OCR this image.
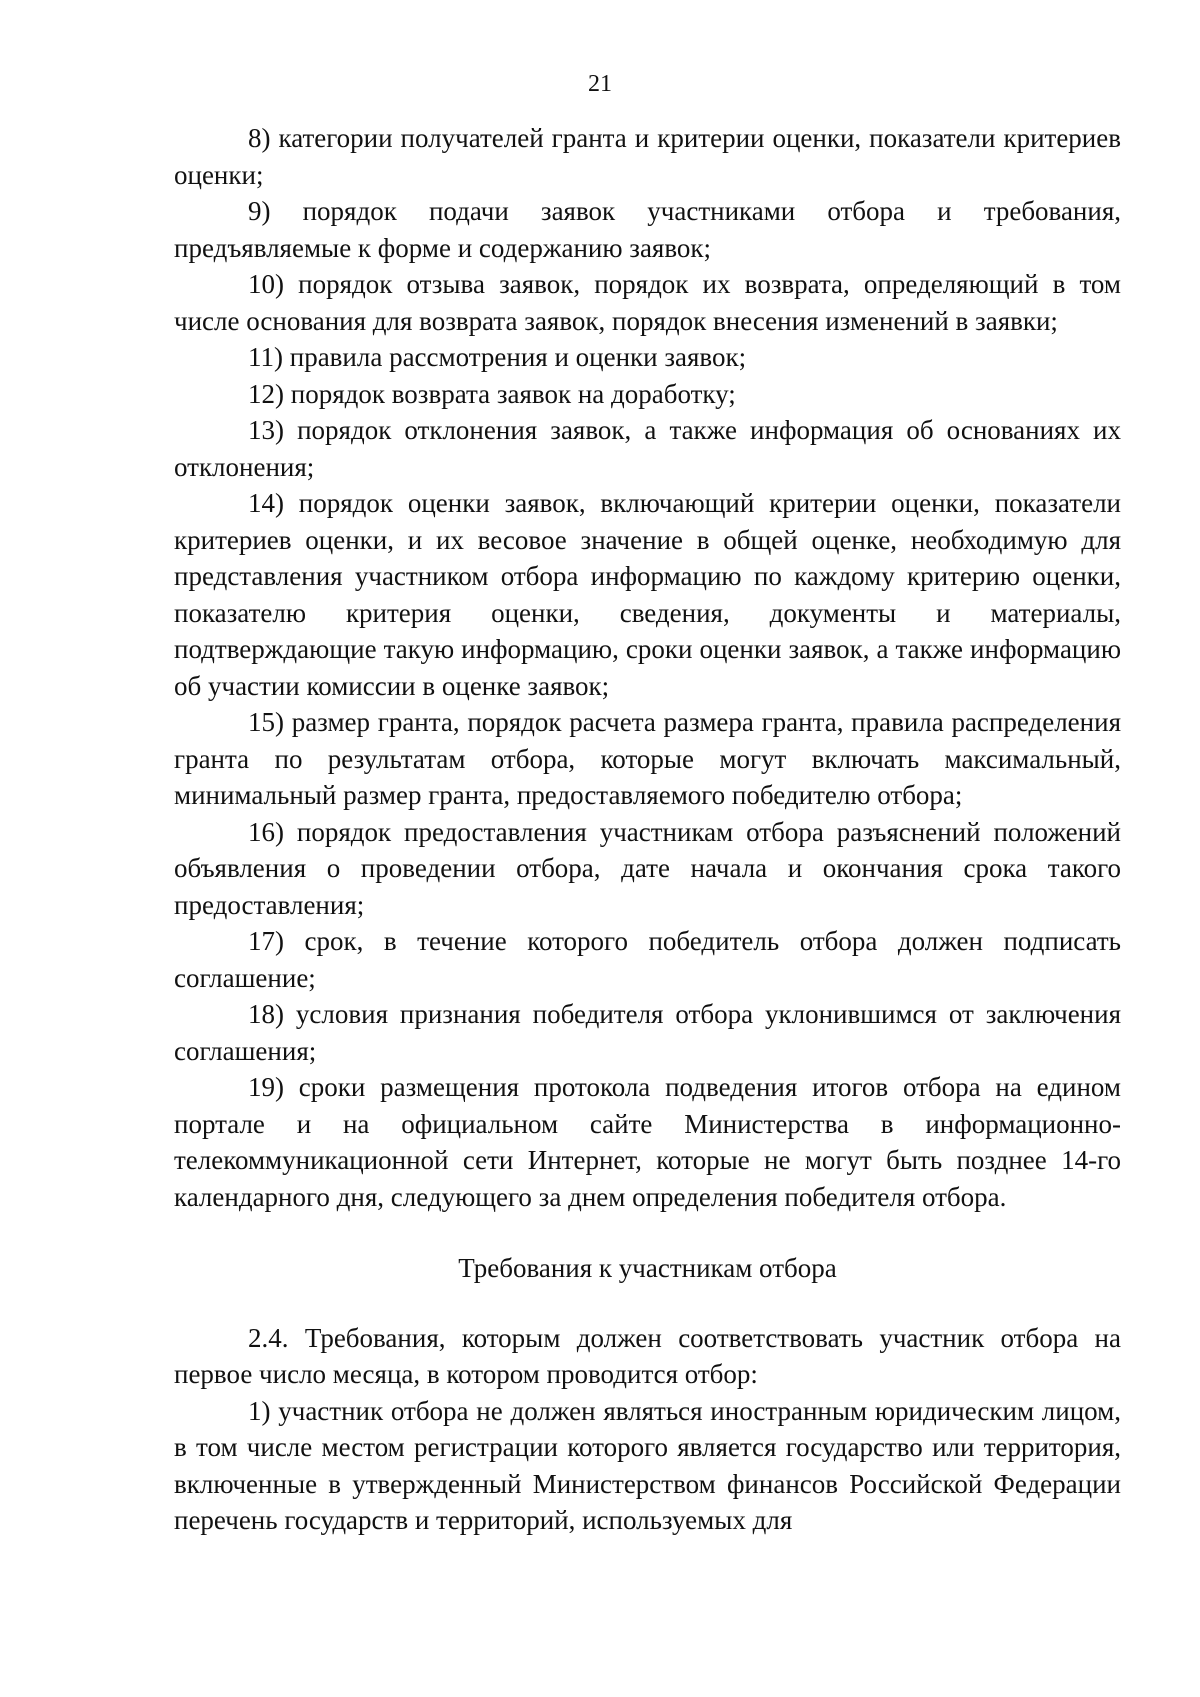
21

8) категории получателей гранта и критерии оценки, показатели критериев оценки;

9) порядок подачи заявок участниками отбора и требования, предъявляемые к форме и содержанию заявок;

10) порядок отзыва заявок, порядок их возврата, определяющий в том числе основания для возврата заявок, порядок внесения изменений в заявки;

11) правила рассмотрения и оценки заявок;

12) порядок возврата заявок на доработку;

13) порядок отклонения заявок, а также информация об основаниях их отклонения;

14) порядок оценки заявок, включающий критерии оценки, показатели критериев оценки, и их весовое значение в общей оценке, необходимую для представления участником отбора информацию по каждому критерию оценки, показателю критерия оценки, сведения, документы и материалы, подтверждающие такую информацию, сроки оценки заявок, а также информацию об участии комиссии в оценке заявок;

15) размер гранта, порядок расчета размера гранта, правила распределения гранта по результатам отбора, которые могут включать максимальный, минимальный размер гранта, предоставляемого победителю отбора;

16) порядок предоставления участникам отбора разъяснений положений объявления о проведении отбора, дате начала и окончания срока такого предоставления;

17) срок, в течение которого победитель отбора должен подписать соглашение;

18) условия признания победителя отбора уклонившимся от заключения соглашения;

19) сроки размещения протокола подведения итогов отбора на едином портале и на официальном сайте Министерства в информационно-телекоммуникационной сети Интернет, которые не могут быть позднее 14-го календарного дня, следующего за днем определения победителя отбора.

Требования к участникам отбора

2.4. Требования, которым должен соответствовать участник отбора на первое число месяца, в котором проводится отбор:

1) участник отбора не должен являться иностранным юридическим лицом, в том числе местом регистрации которого является государство или территория, включенные в утвержденный Министерством финансов Российской Федерации перечень государств и территорий, используемых для
